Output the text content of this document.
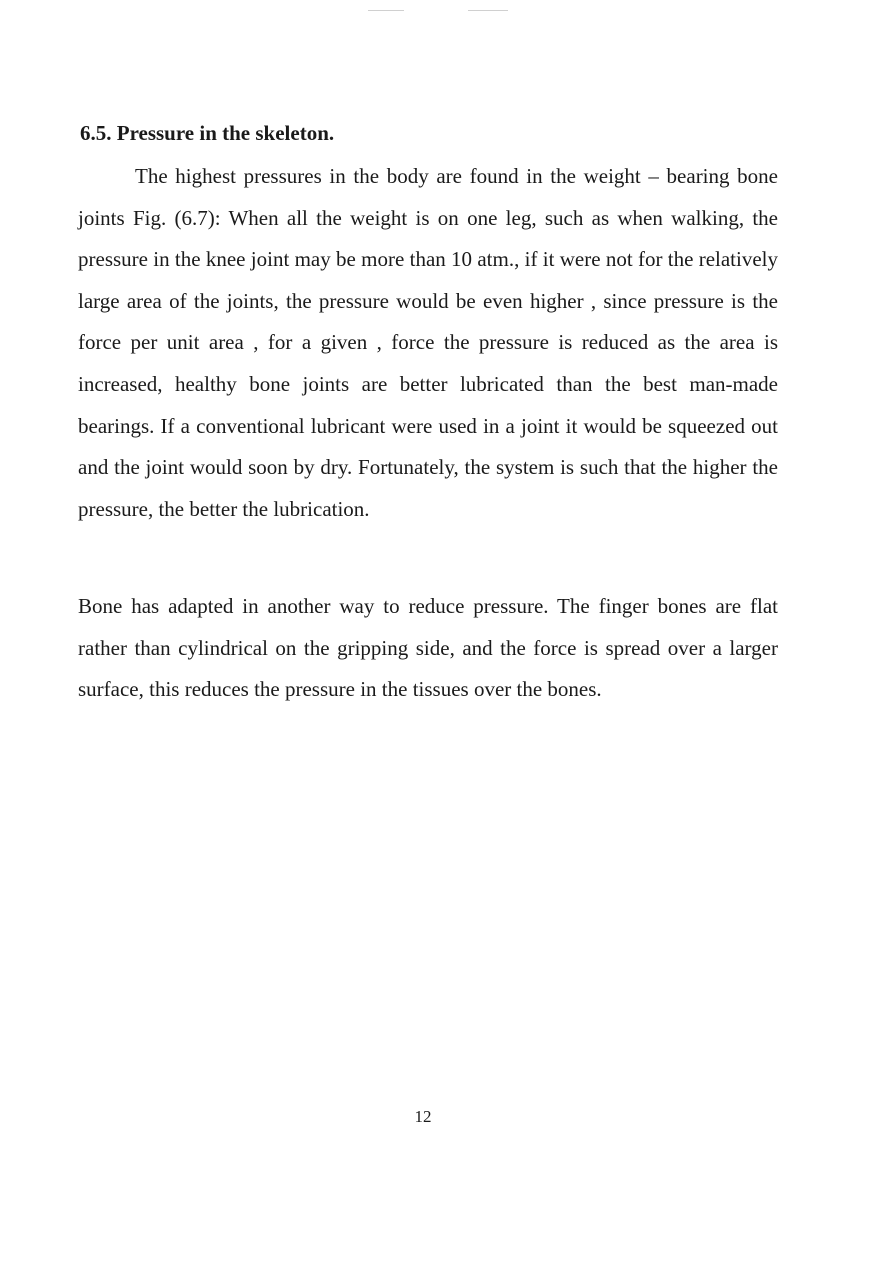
6.5. Pressure in the skeleton.

The highest pressures in the body are found in the weight – bearing bone joints Fig. (6.7): When all the weight is on one leg, such as when walking, the pressure in the knee joint may be more than 10 atm., if it were not for the relatively large area of the joints, the pressure would be even higher , since pressure is the force per unit area , for a given , force the pressure is reduced as the area is increased, healthy bone joints are better lubricated than the best man-made bearings. If a conventional lubricant were used in a joint it would be squeezed out and the joint would soon by dry. Fortunately, the system is such that the higher the pressure, the better the lubrication.

Bone has adapted in another way to reduce pressure. The finger bones are flat rather than cylindrical on the gripping side, and the force is spread over a larger surface, this reduces the pressure in the tissues over the bones.

12
